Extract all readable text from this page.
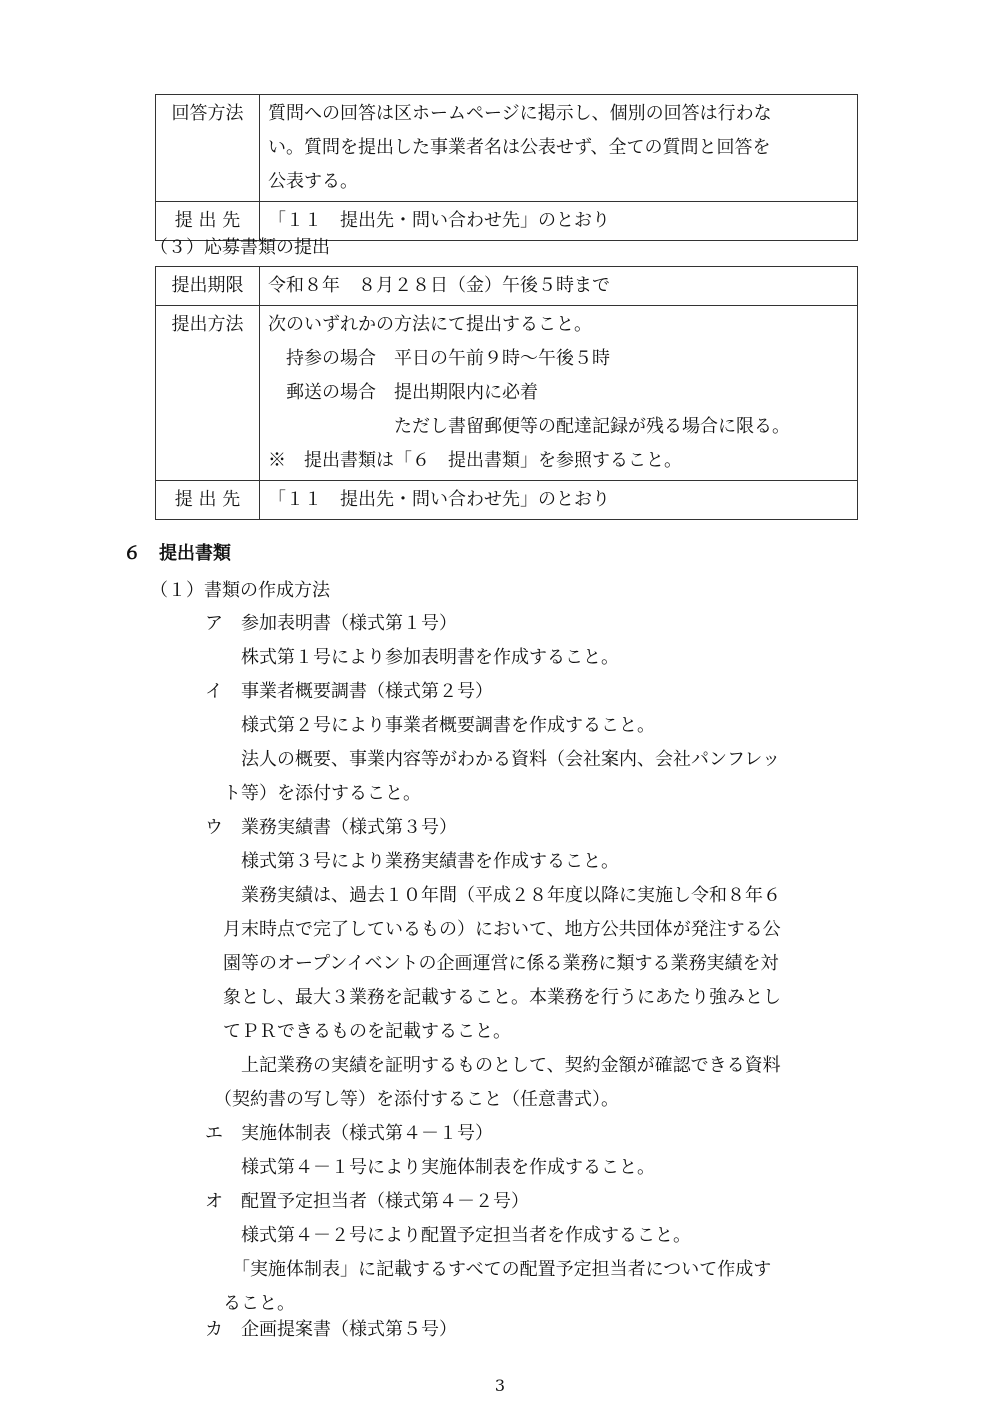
回答方法	質問への回答は区ホームページに掲示し、個別の回答は行わな
い。質問を提出した事業者名は公表せず、全ての質問と回答を
公表する。

提 出 先	「１１　提出先・問い合わせ先」のとおり
（３）応募書類の提出
提出期限	令和８年　８月２８日（金）午後５時まで

提出方法	次のいずれかの方法にて提出すること。
　持参の場合　平日の午前９時～午後５時
　郵送の場合　提出期限内に必着
　　　　　　　ただし書留郵便等の配達記録が残る場合に限る。
※　提出書類は「６　提出書類」を参照すること。

提 出 先	「１１　提出先・問い合わせ先」のとおり
６　提出書類
（１）書類の作成方法
ア　参加表明書（様式第１号）
　　株式第１号により参加表明書を作成すること。
イ　事業者概要調書（様式第２号）
　　様式第２号により事業者概要調書を作成すること。
　　法人の概要、事業内容等がわかる資料（会社案内、会社パンフレッ
　ト等）を添付すること。
ウ　業務実績書（様式第３号）
　　様式第３号により業務実績書を作成すること。
　　業務実績は、過去１０年間（平成２８年度以降に実施し令和８年６
　月末時点で完了しているもの）において、地方公共団体が発注する公
　園等のオープンイベントの企画運営に係る業務に類する業務実績を対
　象とし、最大３業務を記載すること。本業務を行うにあたり強みとし
　てＰＲできるものを記載すること。
　　上記業務の実績を証明するものとして、契約金額が確認できる資料
　（契約書の写し等）を添付すること（任意書式）。
エ　実施体制表（様式第４－１号）
　　様式第４－１号により実施体制表を作成すること。
オ　配置予定担当者（様式第４－２号）
　　様式第４－２号により配置予定担当者を作成すること。
　　「実施体制表」に記載するすべての配置予定担当者について作成す
　ること。
カ　企画提案書（様式第５号）
3
